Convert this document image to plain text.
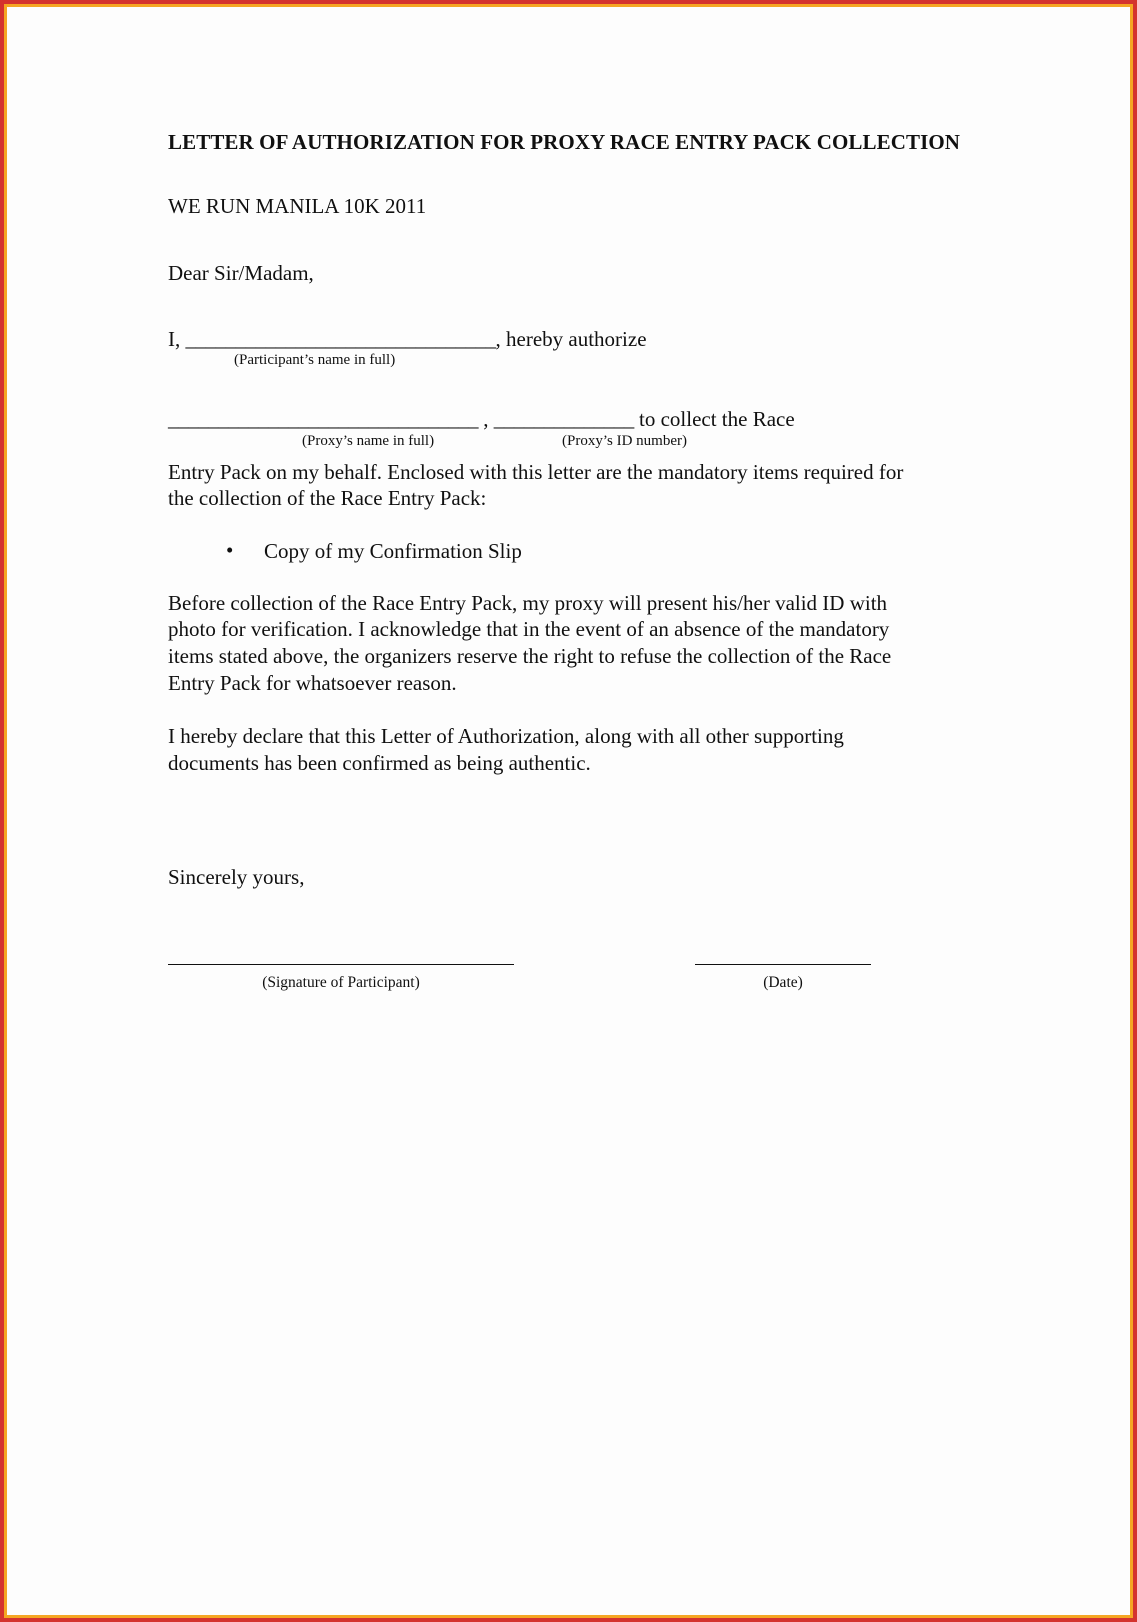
LETTER OF AUTHORIZATION FOR PROXY RACE ENTRY PACK COLLECTION
WE RUN MANILA 10K 2011
Dear Sir/Madam,
I, _______________________________, hereby authorize
(Participant’s name in full)
_______________________________ , ______________ to collect the Race
(Proxy’s name in full)	(Proxy’s ID number)

Entry Pack on my behalf. Enclosed with this letter are the mandatory items required for the collection of the Race Entry Pack:

• Copy of my Confirmation Slip

Before collection of the Race Entry Pack, my proxy will present his/her valid ID with photo for verification. I acknowledge that in the event of an absence of the mandatory items stated above, the organizers reserve the right to refuse the collection of the Race Entry Pack for whatsoever reason.

I hereby declare that this Letter of Authorization, along with all other supporting documents has been confirmed as being authentic.

Sincerely yours,
(Signature of Participant)	(Date)
